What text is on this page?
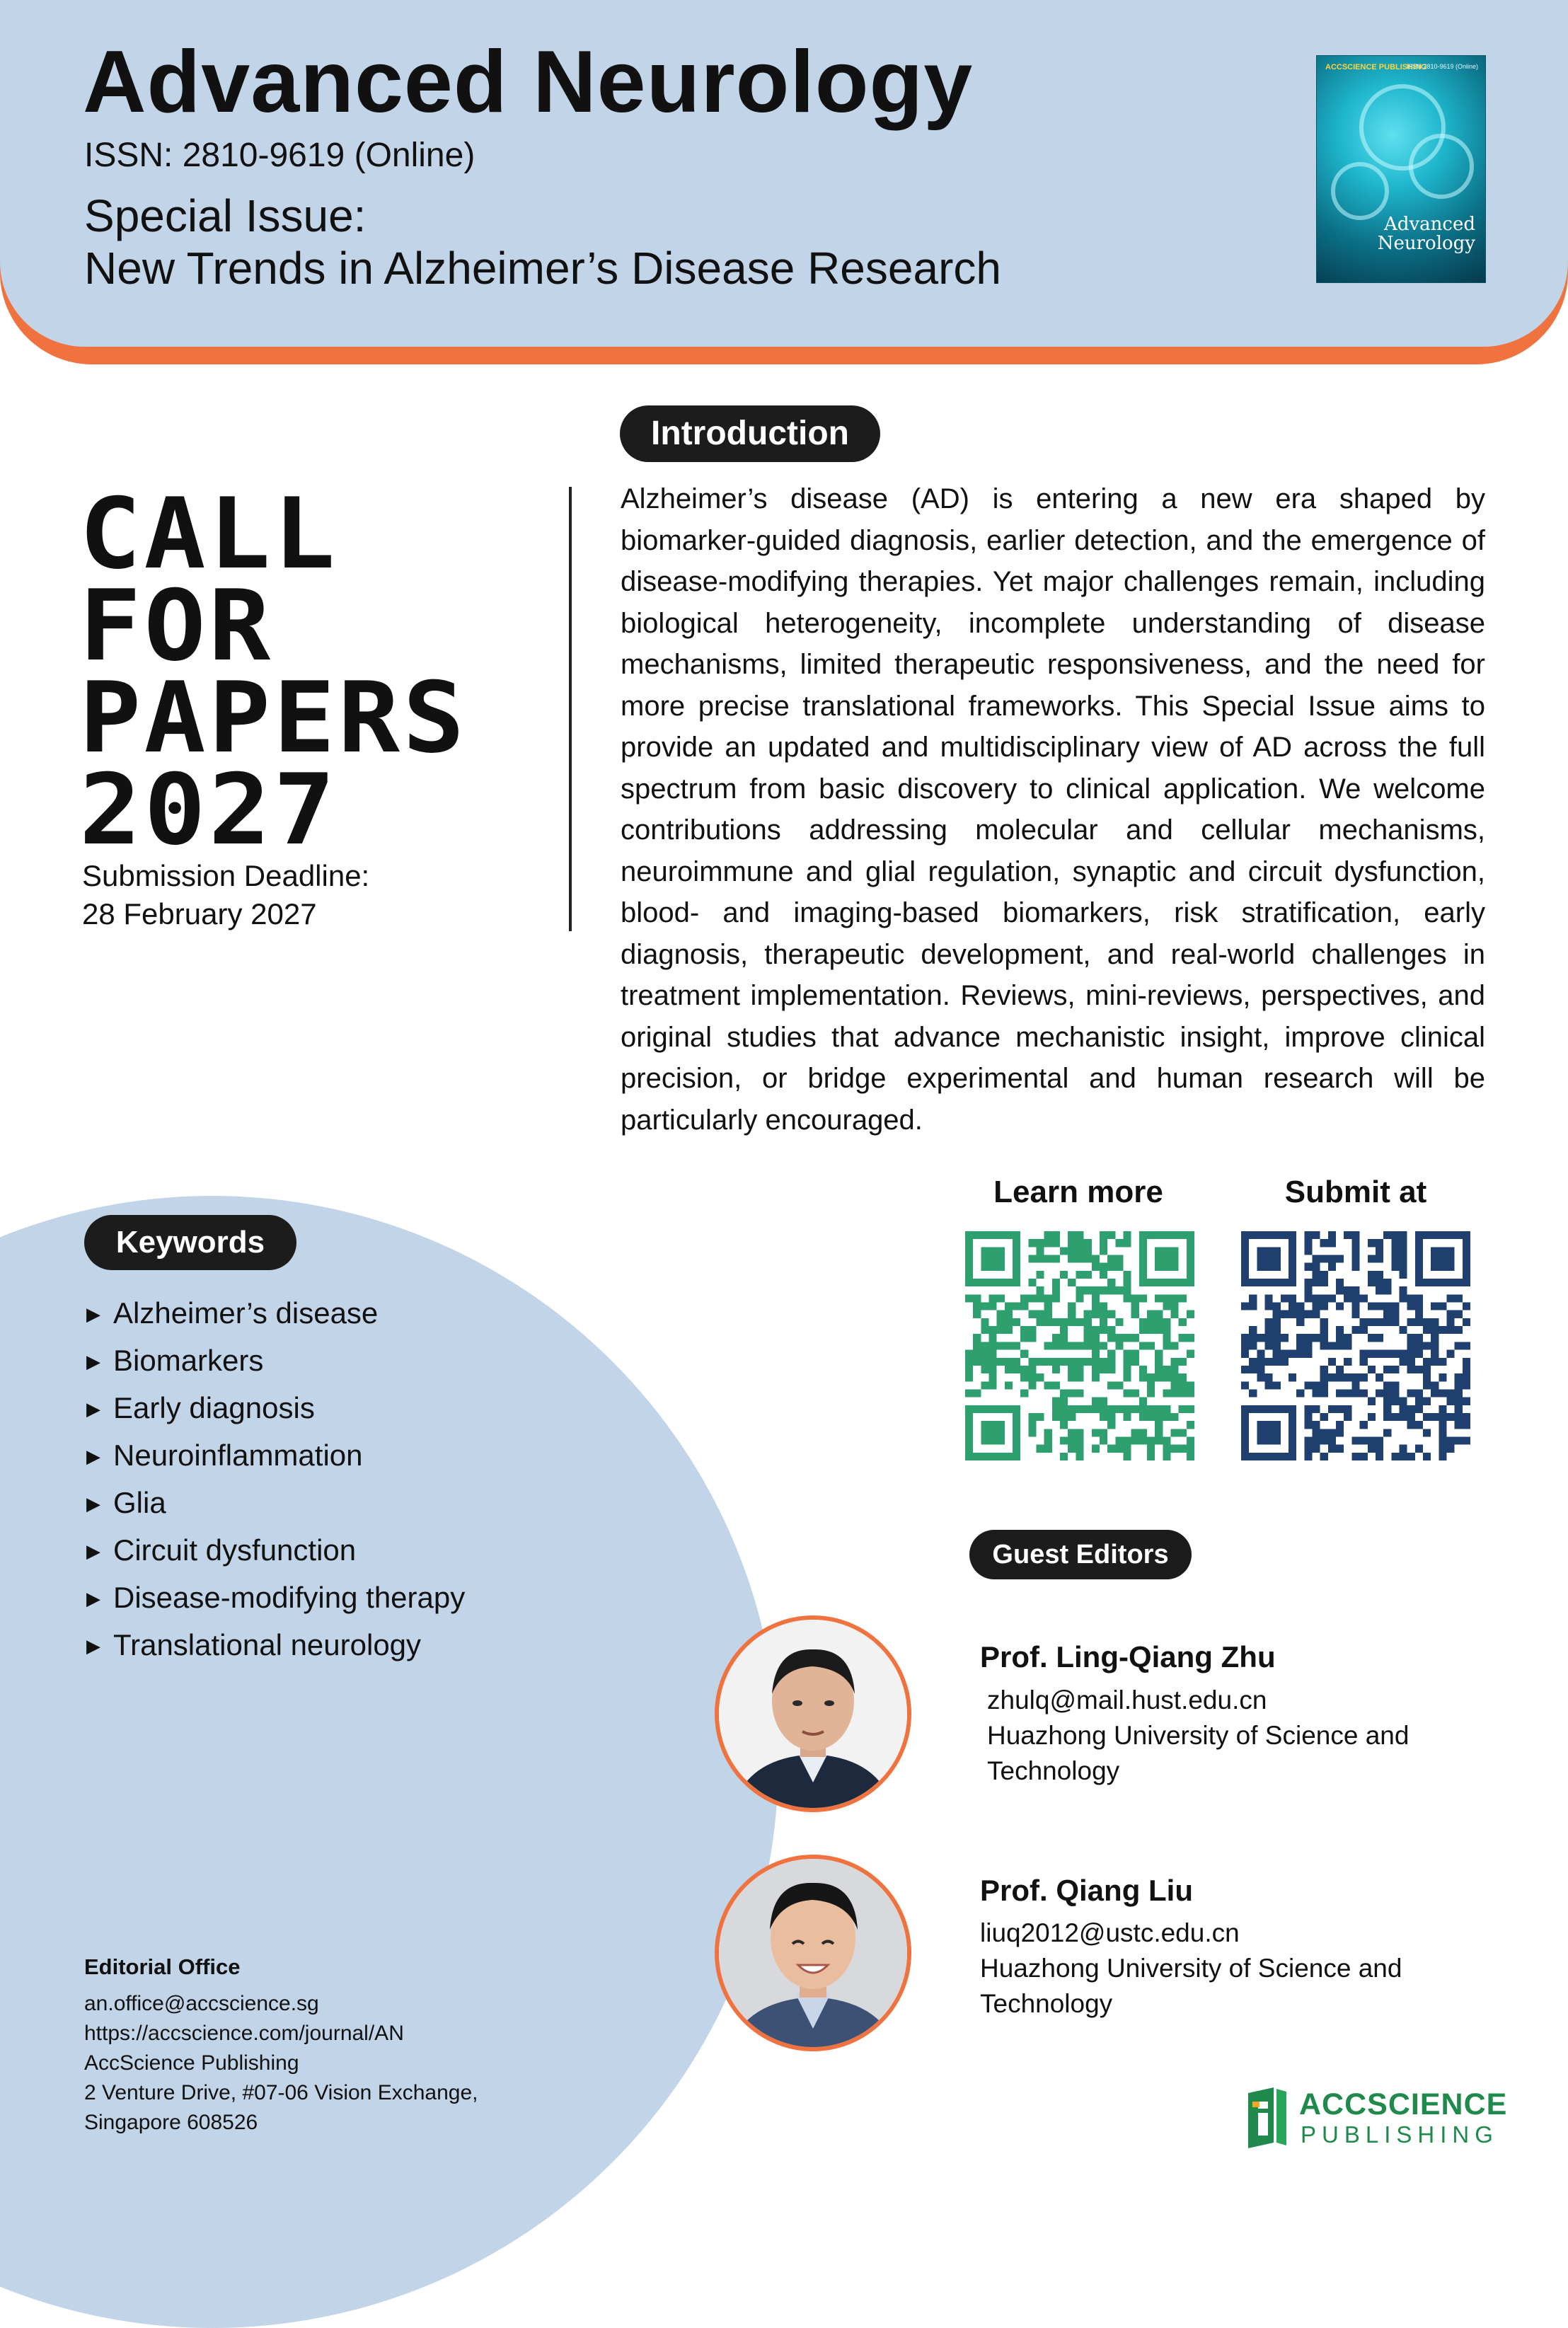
Advanced Neurology
ISSN: 2810-9619 (Online)
Special Issue:
New Trends in Alzheimer’s Disease Research
ACCSCIENCE PUBLISHING
ISSN 2810-9619 (Online)
Advanced
Neurology
CALL
FOR
PAPERS
2027
Submission Deadline:
28 February 2027
Introduction

Alzheimer’s disease (AD) is entering a new era shaped by biomarker-guided diagnosis, earlier detection, and the emergence of disease-modifying therapies. Yet major challenges remain, including biological heterogeneity, incomplete understanding of disease mechanisms, limited therapeutic responsiveness, and the need for more precise translational frameworks. This Special Issue aims to provide an updated and multidisciplinary view of AD across the full spectrum from basic discovery to clinical application. We welcome contributions addressing molecular and cellular mechanisms, neuroimmune and glial regulation, synaptic and circuit dysfunction, blood- and imaging-based biomarkers, risk stratification, early diagnosis, therapeutic development, and real-world challenges in treatment implementation. Reviews, mini-reviews, perspectives, and original studies that advance mechanistic insight, improve clinical precision, or bridge experimental and human research will be particularly encouraged.

Learn more	Submit at
Keywords
▶ Alzheimer’s disease
▶ Biomarkers
▶ Early diagnosis
▶ Neuroinflammation
▶ Glia
▶ Circuit dysfunction
▶ Disease-modifying therapy
▶ Translational neurology
Guest Editors
Prof. Ling-Qiang Zhu
zhulq@mail.hust.edu.cn
Huazhong University of Science and
Technology
Prof. Qiang Liu
liuq2012@ustc.edu.cn
Huazhong University of Science and
Technology
Editorial Office
an.office@accscience.sg
https://accscience.com/journal/AN
AccScience Publishing
2 Venture Drive, #07-06 Vision Exchange,
Singapore 608526
ACCSCIENCE
PUBLISHING
